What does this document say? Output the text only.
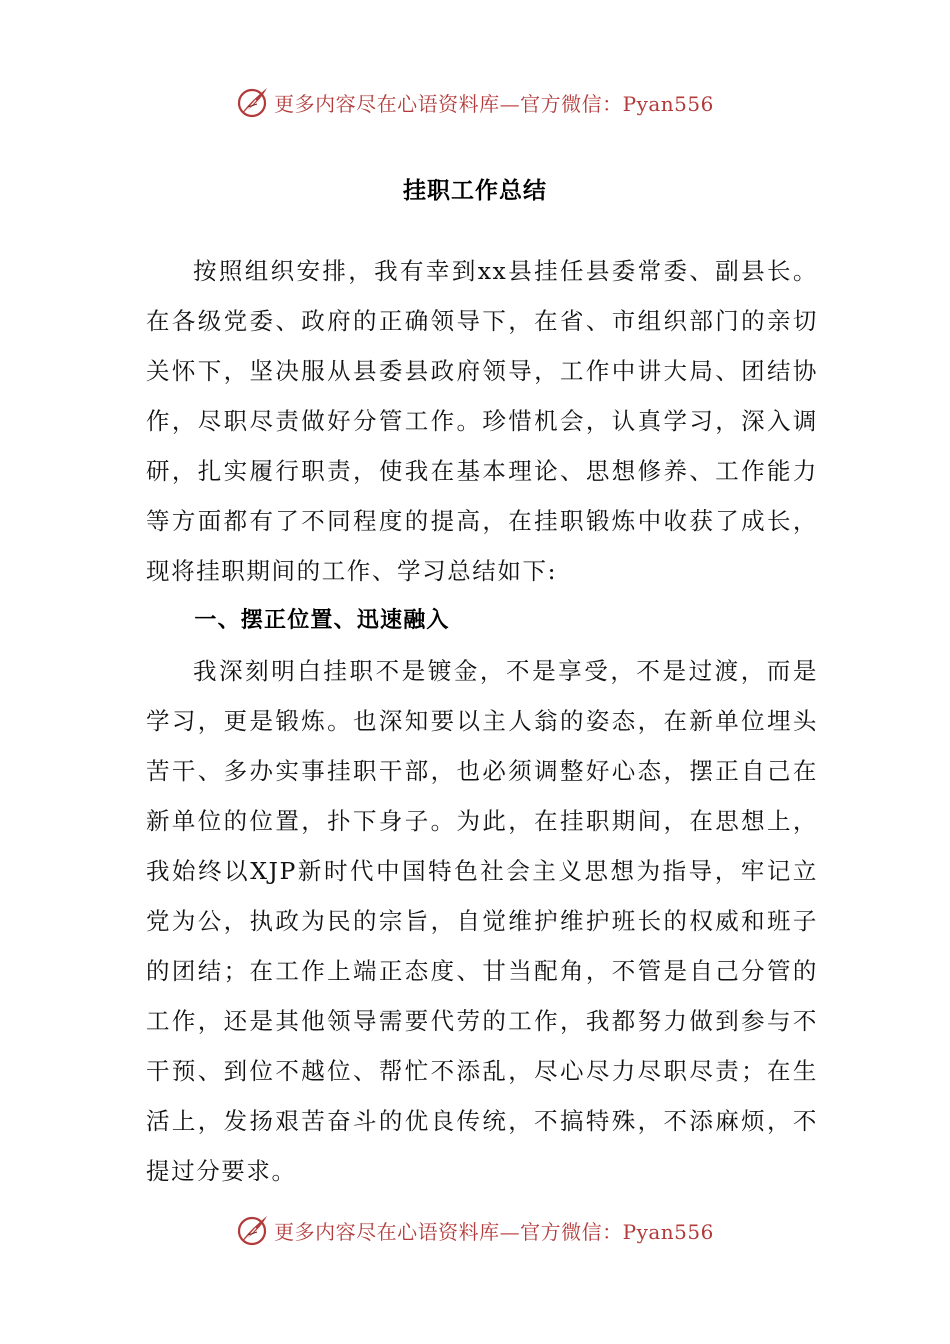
更多内容尽在心语资料库—官方微信：Pyan556
挂职工作总结

按照组织安排，我有幸到xx县挂任县委常委、副县长。在各级党委、政府的正确领导下，在省、市组织部门的亲切关怀下，坚决服从县委县政府领导，工作中讲大局、团结协作，尽职尽责做好分管工作。珍惜机会，认真学习，深入调研，扎实履行职责，使我在基本理论、思想修养、工作能力等方面都有了不同程度的提高，在挂职锻炼中收获了成长，现将挂职期间的工作、学习总结如下:

一、摆正位置、迅速融入

我深刻明白挂职不是镀金，不是享受，不是过渡，而是学习，更是锻炼。也深知要以主人翁的姿态，在新单位埋头苦干、多办实事挂职干部，也必须调整好心态，摆正自己在新单位的位置，扑下身子。为此，在挂职期间，在思想上，我始终以XJP新时代中国特色社会主义思想为指导，牢记立党为公，执政为民的宗旨，自觉维护维护班长的权威和班子的团结；在工作上端正态度、甘当配角，不管是自己分管的工作，还是其他领导需要代劳的工作，我都努力做到参与不干预、到位不越位、帮忙不添乱，尽心尽力尽职尽责；在生活上，发扬艰苦奋斗的优良传统，不搞特殊，不添麻烦，不提过分要求。

更多内容尽在心语资料库—官方微信：Pyan556
